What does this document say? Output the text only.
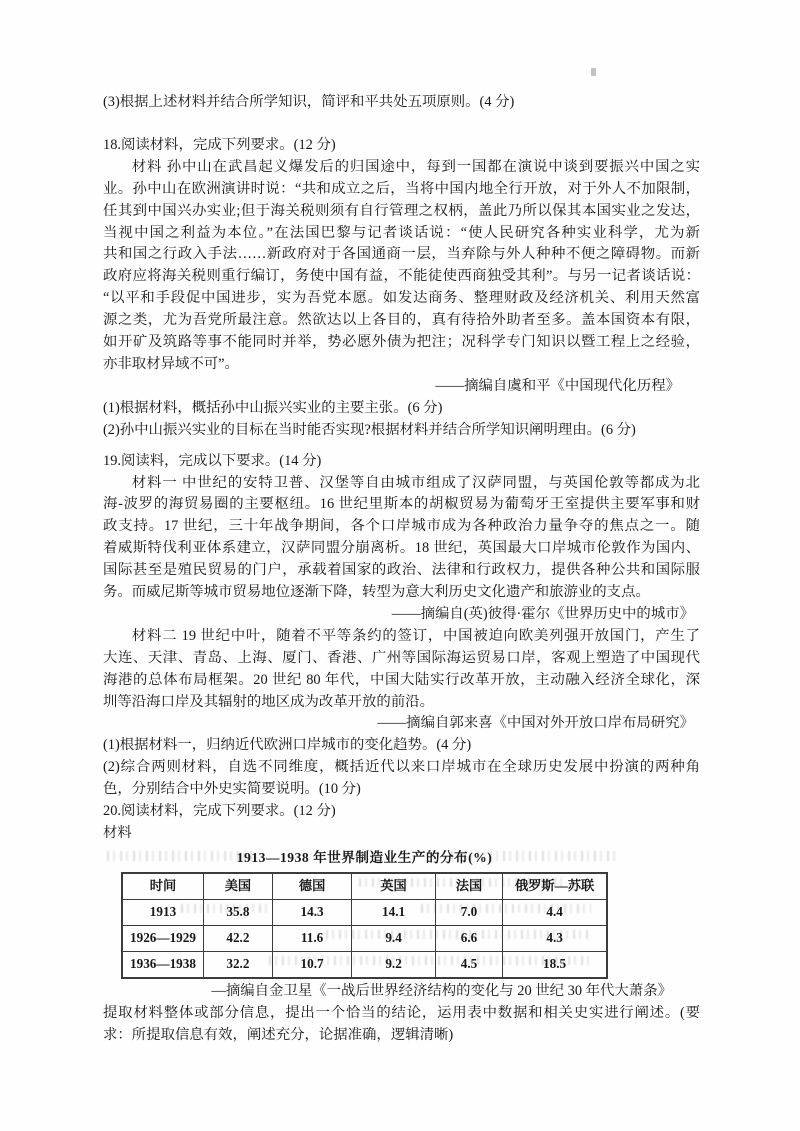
(3)根据上述材料并结合所学知识，简评和平共处五项原则。(4 分)
18.阅读材料，完成下列要求。(12 分)
材料 孙中山在武昌起义爆发后的归国途中，每到一国都在演说中谈到要振兴中国之实
业。孙中山在欧洲演讲时说：“共和成立之后，当将中国内地全行开放，对于外人不加限制，
任其到中国兴办实业;但于海关税则须有自行管理之权柄，盖此乃所以保其本国实业之发达，
当视中国之利益为本位。”在法国巴黎与记者谈话说：“使人民研究各种实业科学，尤为新
共和国之行政入手法……新政府对于各国通商一层，当弃除与外人种种不便之障碍物。而新
政府应将海关税则重行编订，务使中国有益，不能徒使西商独受其利”。与另一记者谈话说：
“以平和手段促中国进步，实为吾党本愿。如发达商务、整理财政及经济机关、利用天然富
源之类，尤为吾党所最注意。然欲达以上各目的，真有待拾外助者至多。盖本国资本有限，
如开矿及筑路等事不能同时并举，势必愿外债为把注；况科学专门知识以暨工程上之经验，
亦非取材异域不可”。
——摘编自虞和平《中国现代化历程》
(1)根据材料，概括孙中山振兴实业的主要主张。(6 分)
(2)孙中山振兴实业的目标在当时能否实现?根据材料并结合所学知识阐明理由。(6 分)
19.阅读料，完成以下要求。(14 分)
材料一 中世纪的安特卫普、汉堡等自由城市组成了汉萨同盟，与英国伦敦等都成为北
海-波罗的海贸易圈的主要枢纽。16 世纪里斯本的胡椒贸易为葡萄牙王室提供主要军事和财
政支持。17 世纪，三十年战争期间，各个口岸城市成为各种政治力量争夺的焦点之一。随
着威斯特伐利亚体系建立，汉萨同盟分崩离析。18 世纪，英国最大口岸城市伦敦作为国内、
国际甚至是殖民贸易的门户，承载着国家的政治、法律和行政权力，提供各种公共和国际服
务。而威尼斯等城市贸易地位逐渐下降，转型为意大利历史文化遗产和旅游业的支点。
——摘编自(英)彼得·霍尔《世界历史中的城市》
材料二 19 世纪中叶，随着不平等条约的签订，中国被迫向欧美列强开放国门，产生了
大连、天津、青岛、上海、厦门、香港、广州等国际海运贸易口岸，客观上塑造了中国现代
海港的总体布局框架。20 世纪 80 年代，中国大陆实行改革开放，主动融入经济全球化，深
圳等沿海口岸及其辐射的地区成为改革开放的前沿。
——摘编自郭来喜《中国对外开放口岸布局研究》
(1)根据材料一，归纳近代欧洲口岸城市的变化趋势。(4 分)
(2)综合两则材料，自选不同维度，概括近代以来口岸城市在全球历史发展中扮演的两种角
色，分别结合中外史实简要说明。(10 分)
20.阅读材料，完成下列要求。(12 分)
材料
1913—1938 年世界制造业生产的分布(%)
时间	美国	德国	英国	法国	俄罗斯—苏联
1913	35.8	14.3	14.1	7.0	4.4
1926—1929	42.2	11.6	9.4	6.6	4.3
1936—1938	32.2	10.7	9.2	4.5	18.5
—摘编自金卫星《一战后世界经济结构的变化与 20 世纪 30 年代大萧条》
提取材料整体或部分信息，提出一个恰当的结论，运用表中数据和相关史实进行阐述。(要
求：所提取信息有效，阐述充分，论据准确，逻辑清晰)
